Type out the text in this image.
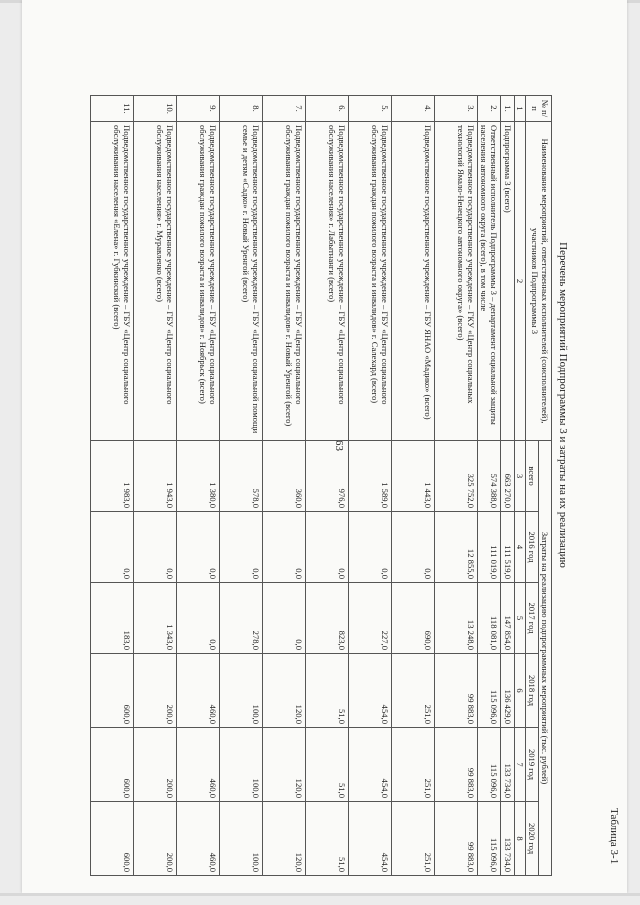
63
Таблица 3-1
Перечень мероприятий Подпрограммы 3 и затраты на их реализацию
№ п/п	Наименование мероприятий, ответственных исполнителей (соисполнителей), участников Подпрограммы 3	Затраты на реализацию подпрограммных мероприятий (тыс. рублей)					
		всего	2016 год	2017 год	2018 год	2019 год	2020 год
1	2	3	4	5	6	7	8
1.	Подпрограмма 3 (всего)	663 270,0	111 519,0	147 854,0	136 429,0	133 734,0	133 734,0
2.	Ответственный исполнитель Подпрограммы 3 – департамент социальной защиты населения автономного округа (всего), в том числе	574 388,0	111 019,0	118 081,0	115 096,0	115 096,0	115 096,0
3.	Подведомственное государственное учреждение – ГКУ «Центр социальных технологий Ямало-Ненецкого автономного округа» (всего)	325 752,0	12 855,0	13 248,0	99 883,0	99 883,0	99 883,0
4.	Подведомственное государственное учреждение – ГБУ ЯНАО «Мадико» (всего)	1 443,0	0,0	690,0	251,0	251,0	251,0
5.	Подведомственное государственное учреждение – ГБУ «Центр социального обслуживания граждан пожилого возраста и инвалидов» г. Салехард (всего)	1 589,0	0,0	227,0	454,0	454,0	454,0
6.	Подведомственное государственное учреждение – ГБУ «Центр социального обслуживания населения» г. Лабытнанги (всего)	976,0	0,0	823,0	51,0	51,0	51,0
7.	Подведомственное государственное учреждение – ГБУ «Центр социального обслуживания граждан пожилого возраста и инвалидов» г. Новый Уренгой (всего)	360,0	0,0	0,0	120,0	120,0	120,0
8.	Подведомственное государственное учреждение – ГБУ «Центр социальной помощи семье и детям «Садко» г. Новый Уренгой (всего)	578,0	0,0	278,0	100,0	100,0	100,0
9.	Подведомственное государственное учреждение – ГБУ «Центр социального обслуживания граждан пожилого возраста и инвалидов» г. Ноябрьск (всего)	1 380,0	0,0	0,0	460,0	460,0	460,0
10.	Подведомственное государственное учреждение – ГБУ «Центр социального обслуживания населения» г. Муравленко (всего)	1 943,0	0,0	1 343,0	200,0	200,0	200,0
11.	Подведомственное государственное учреждение – ГБУ «Центр социального обслуживания населения «Елена» г. Губкинский (всего)	1 983,0	0,0	183,0	600,0	600,0	600,0
